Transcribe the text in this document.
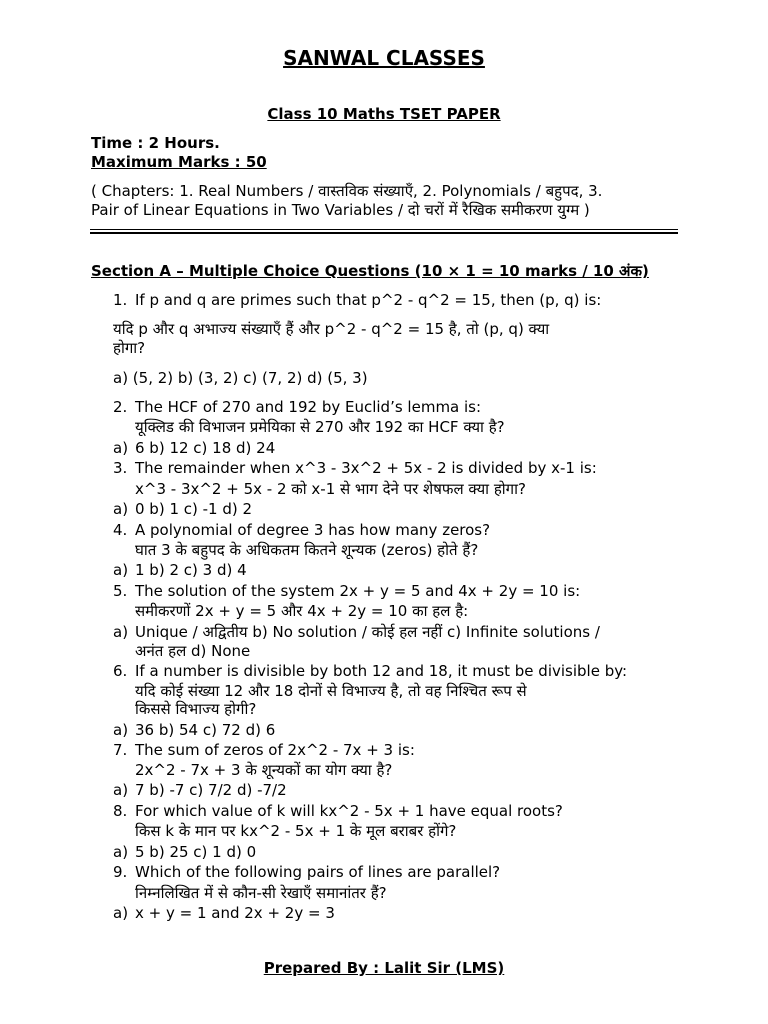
SANWAL CLASSES
Class 10 Maths TSET PAPER
Time : 2 Hours.
Maximum Marks : 50
( Chapters: 1. Real Numbers / वास्तविक संख्याएँ, 2. Polynomials / बहुपद, 3.
Pair of Linear Equations in Two Variables / दो चरों में रैखिक समीकरण युग्म )
Section A – Multiple Choice Questions (10 × 1 = 10 marks / 10 अंक)
1. If p and q are primes such that p^2 - q^2 = 15, then (p, q) is:
यदि p और q अभाज्य संख्याएँ हैं और p^2 - q^2 = 15 है, तो (p, q) क्या
होगा?
a) (5, 2) b) (3, 2) c) (7, 2) d) (5, 3)
2. The HCF of 270 and 192 by Euclid’s lemma is:
यूक्लिड की विभाजन प्रमेयिका से 270 और 192 का HCF क्या है?
a) 6 b) 12 c) 18 d) 24
3. The remainder when x^3 - 3x^2 + 5x - 2 is divided by x-1 is:
x^3 - 3x^2 + 5x - 2 को x-1 से भाग देने पर शेषफल क्या होगा?
a) 0 b) 1 c) -1 d) 2
4. A polynomial of degree 3 has how many zeros?
घात 3 के बहुपद के अधिकतम कितने शून्यक (zeros) होते हैं?
a) 1 b) 2 c) 3 d) 4
5. The solution of the system 2x + y = 5 and 4x + 2y = 10 is:
समीकरणों 2x + y = 5 और 4x + 2y = 10 का हल है:
a) Unique / अद्वितीय b) No solution / कोई हल नहीं c) Infinite solutions /
अनंत हल d) None
6. If a number is divisible by both 12 and 18, it must be divisible by:
यदि कोई संख्या 12 और 18 दोनों से विभाज्य है, तो वह निश्चित रूप से
किससे विभाज्य होगी?
a) 36 b) 54 c) 72 d) 6
7. The sum of zeros of 2x^2 - 7x + 3 is:
2x^2 - 7x + 3 के शून्यकों का योग क्या है?
a) 7 b) -7 c) 7/2 d) -7/2
8. For which value of k will kx^2 - 5x + 1 have equal roots?
किस k के मान पर kx^2 - 5x + 1 के मूल बराबर होंगे?
a) 5 b) 25 c) 1 d) 0
9. Which of the following pairs of lines are parallel?
निम्नलिखित में से कौन-सी रेखाएँ समानांतर हैं?
a) x + y = 1 and 2x + 2y = 3
Prepared By : Lalit Sir (LMS)
